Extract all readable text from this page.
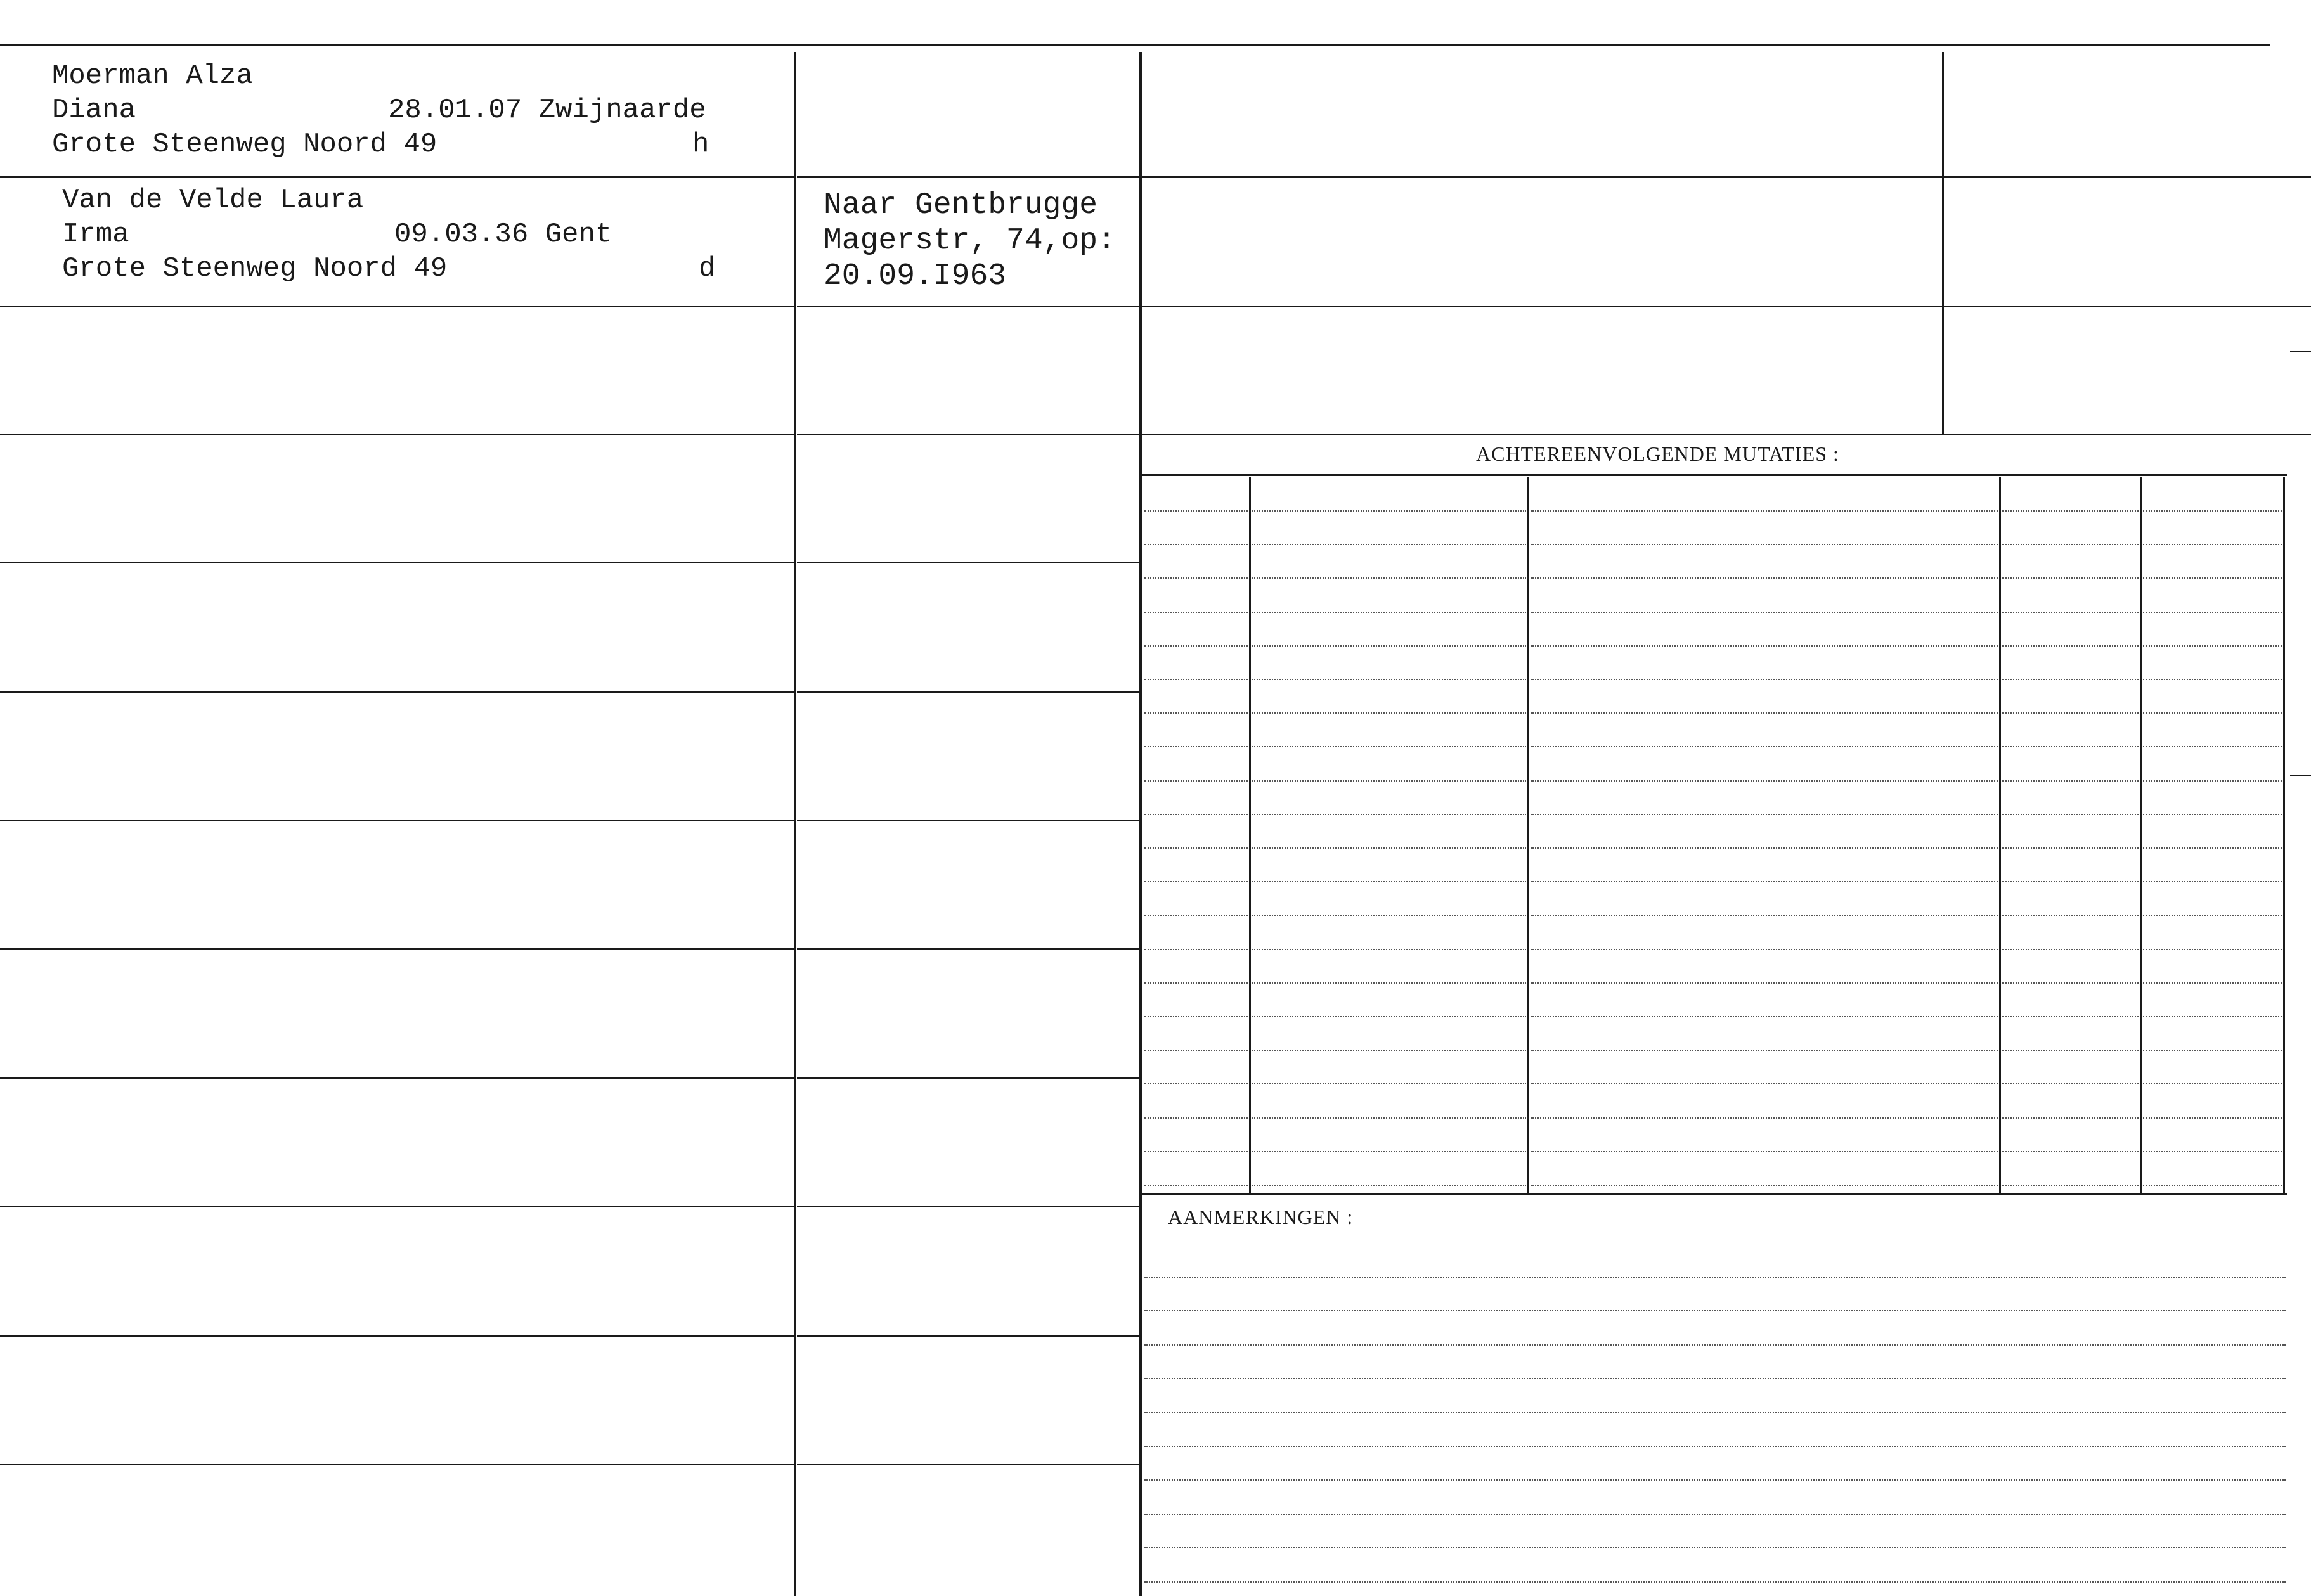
Moerman Alza
Diana	28.01.07 Zwijnaarde
Grote Steenweg Noord 49	h
Van de Velde Laura
Irma	09.03.36 Gent
Grote Steenweg Noord 49	d
Naar Gentbrugge
Magerstr, 74,op:
20.09.I963
ACHTEREENVOLGENDE MUTATIES :
AANMERKINGEN :
